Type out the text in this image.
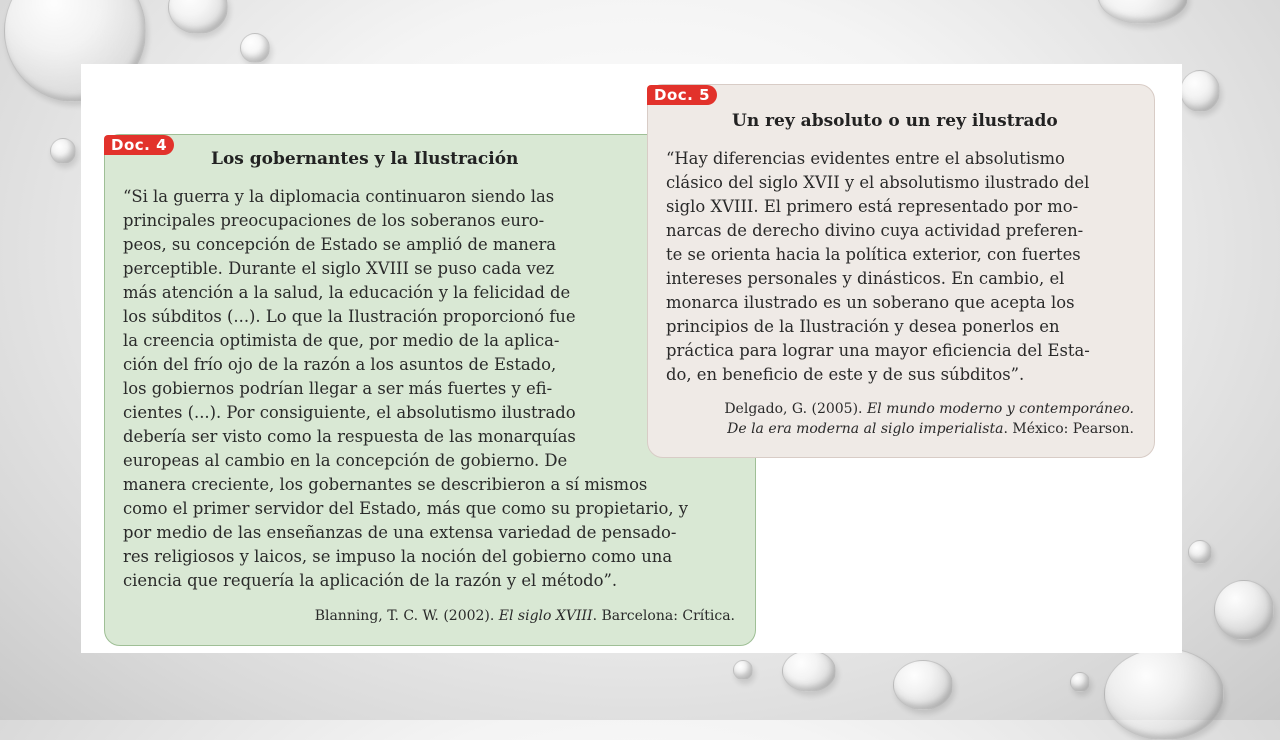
Doc. 4
Los gobernantes y la Ilustración

“Si la guerra y la diplomacia continuaron siendo las
principales preocupaciones de los soberanos euro-
peos, su concepción de Estado se amplió de manera
perceptible. Durante el siglo XVIII se puso cada vez
más atención a la salud, la educación y la felicidad de
los súbditos (...). Lo que la Ilustración proporcionó fue
la creencia optimista de que, por medio de la aplica-
ción del frío ojo de la razón a los asuntos de Estado,
los gobiernos podrían llegar a ser más fuertes y efi-
cientes (...). Por consiguiente, el absolutismo ilustrado
debería ser visto como la respuesta de las monarquías
europeas al cambio en la concepción de gobierno. De
manera creciente, los gobernantes se describieron a sí mismos
como el primer servidor del Estado, más que como su propietario, y
por medio de las enseñanzas de una extensa variedad de pensado-
res religiosos y laicos, se impuso la noción del gobierno como una
ciencia que requería la aplicación de la razón y el método”.

Blanning, T. C. W. (2002). El siglo XVIII. Barcelona: Crítica.
Doc. 5
Un rey absoluto o un rey ilustrado

“Hay diferencias evidentes entre el absolutismo
clásico del siglo XVII y el absolutismo ilustrado del
siglo XVIII. El primero está representado por mo-
narcas de derecho divino cuya actividad preferen-
te se orienta hacia la política exterior, con fuertes
intereses personales y dinásticos. En cambio, el
monarca ilustrado es un soberano que acepta los
principios de la Ilustración y desea ponerlos en
práctica para lograr una mayor eficiencia del Esta-
do, en beneficio de este y de sus súbditos”.

Delgado, G. (2005). El mundo moderno y contemporáneo.
De la era moderna al siglo imperialista. México: Pearson.
